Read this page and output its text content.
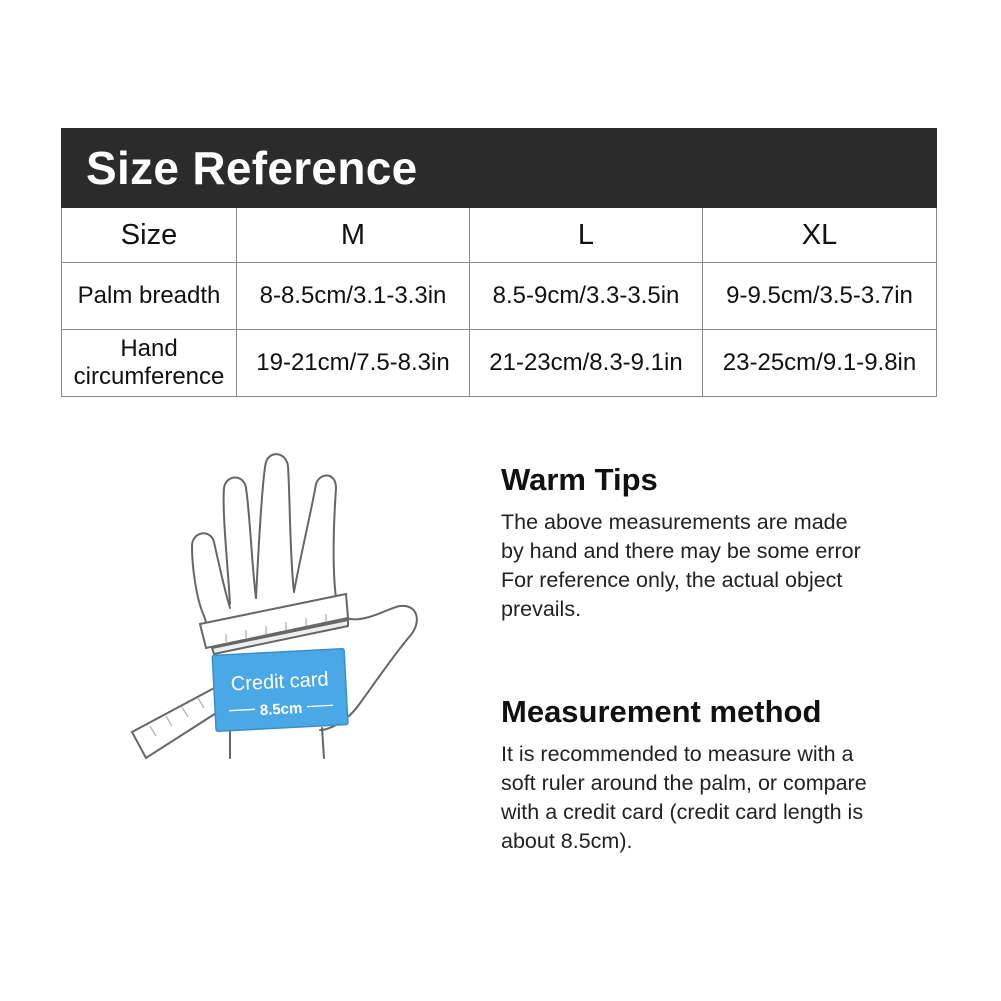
Size Reference			
Size	M	L	XL
Palm breadth	8-8.5cm/3.1-3.3in	8.5-9cm/3.3-3.5in	9-9.5cm/3.5-3.7in
Hand
circumference	19-21cm/7.5-8.3in	21-23cm/8.3-9.1in	23-25cm/9.1-9.8in
Credit card
8.5cm
Warm Tips

The above measurements are made
by hand and there may be some error
For reference only, the actual object
prevails.

Measurement method

It is recommended to measure with a
soft ruler around the palm, or compare
with a credit card (credit card length is
about 8.5cm).
